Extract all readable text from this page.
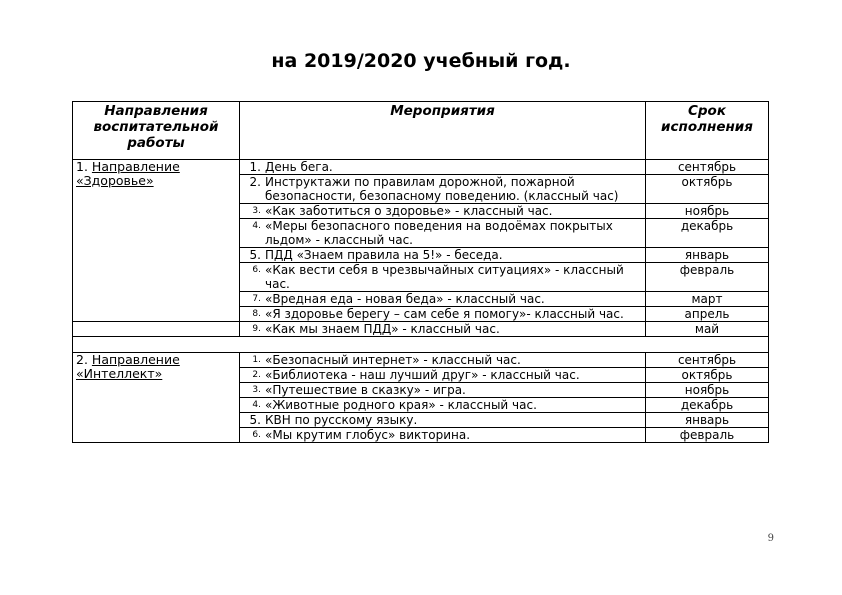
на 2019/2020 учебный год.
Направления воспитательной работы	Мероприятия	Срок исполнения
1. Направление «Здоровье»	1. День бега.	сентябрь

	2. Инструктажи по правилам дорожной, пожарной безопасности, безопасному поведению. (классный час)	октябрь

	3. «Как заботиться о здоровье» - классный час.	ноябрь

	4. «Меры безопасного поведения на водоёмах покрытых льдом» - классный час.	декабрь

	5. ПДД «Знаем правила на 5!» - беседа.	январь

	6. «Как вести себя в чрезвычайных ситуациях» - классный час.	февраль

	7. «Вредная еда - новая беда» - классный час.	март

	8. «Я здоровье берегу – сам себе я помогу»- классный час.	апрель

	9. «Как мы знаем ПДД» - классный час.	май

2. Направление «Интеллект»	1. «Безопасный интернет» - классный час.	сентябрь

	2. «Библиотека - наш лучший друг» - классный час.	октябрь

	3. «Путешествие в сказку» - игра.	ноябрь

	4. «Животные родного края» - классный час.	декабрь

	5. КВН по русскому языку.	январь

	6. «Мы крутим глобус» викторина.	февраль
9
